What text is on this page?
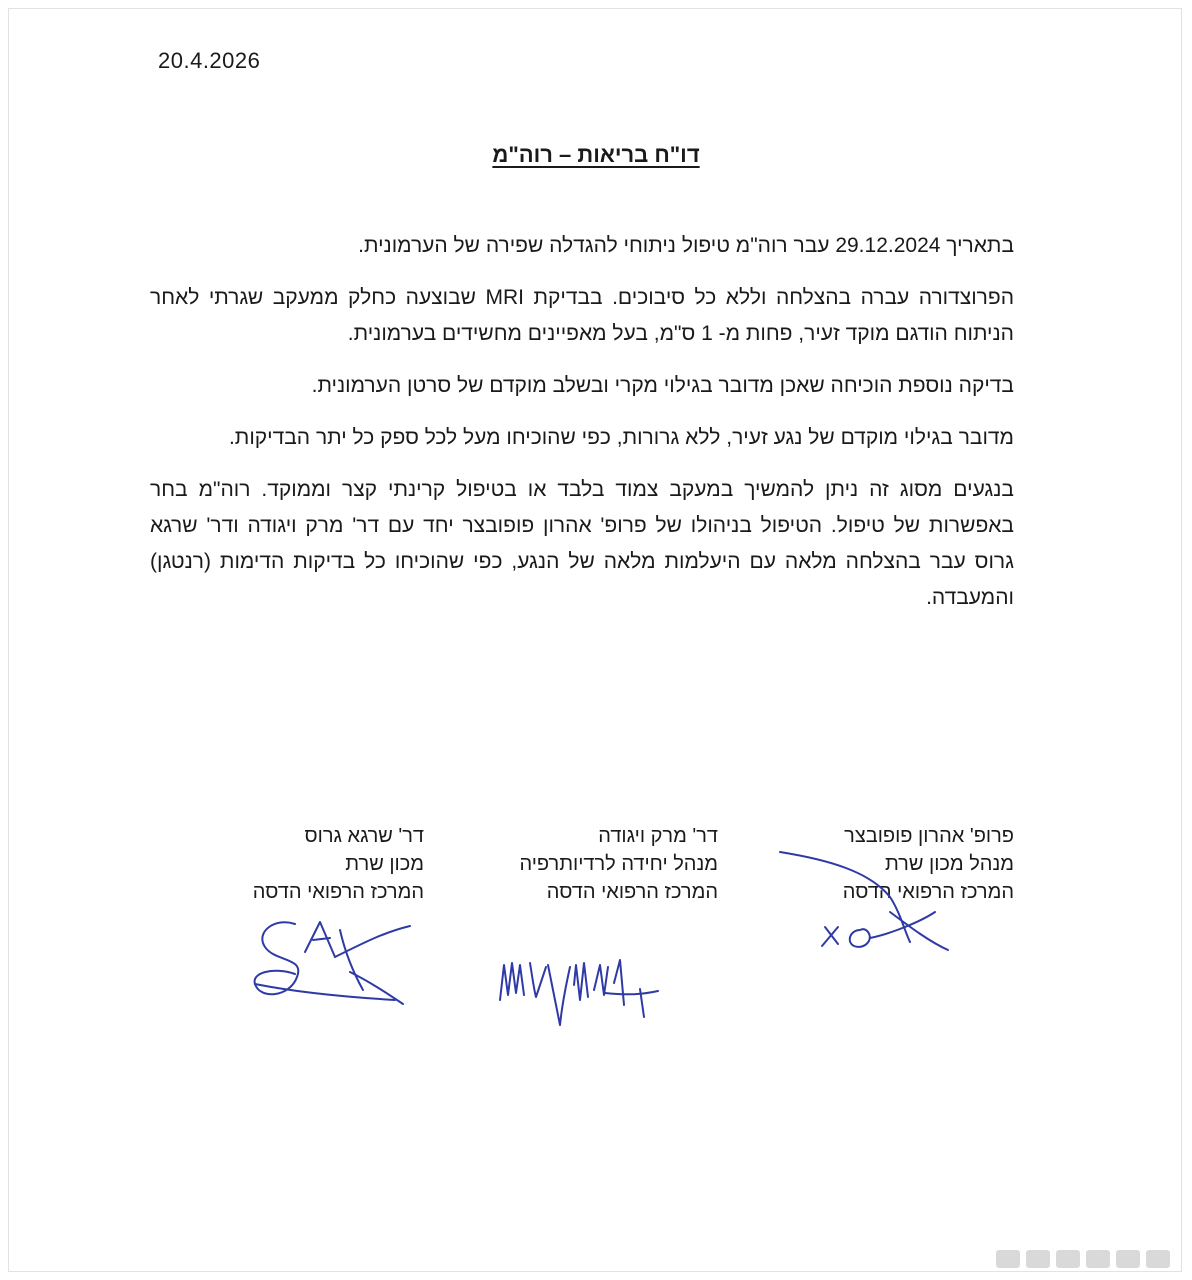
20.4.2026
דו"ח בריאות – רוה"מ

בתאריך 29.12.2024 עבר רוה"מ טיפול ניתוחי להגדלה שפירה של הערמונית.

הפרוצדורה עברה בהצלחה וללא כל סיבוכים. בבדיקת MRI שבוצעה כחלק ממעקב שגרתי לאחר הניתוח הודגם מוקד זעיר, פחות מ- 1 ס"מ, בעל מאפיינים מחשידים בערמונית.

בדיקה נוספת הוכיחה שאכן מדובר בגילוי מקרי ובשלב מוקדם של סרטן הערמונית.

מדובר בגילוי מוקדם של נגע זעיר, ללא גרורות, כפי שהוכיחו מעל לכל ספק כל יתר הבדיקות.

בנגעים מסוג זה ניתן להמשיך במעקב צמוד בלבד או בטיפול קרינתי קצר וממוקד. רוה"מ בחר באפשרות של טיפול. הטיפול בניהולו של פרופ' אהרון פופובצר יחד עם דר' מרק ויגודה ודר' שרגא גרוס עבר בהצלחה מלאה עם היעלמות מלאה של הנגע, כפי שהוכיחו כל בדיקות הדימות (רנטגן) והמעבדה.

פרופ' אהרון פופובצר
מנהל מכון שרת
המרכז הרפואי הדסה
דר' מרק ויגודה
מנהל יחידה לרדיותרפיה
המרכז הרפואי הדסה
דר' שרגא גרוס
מכון שרת
המרכז הרפואי הדסה
